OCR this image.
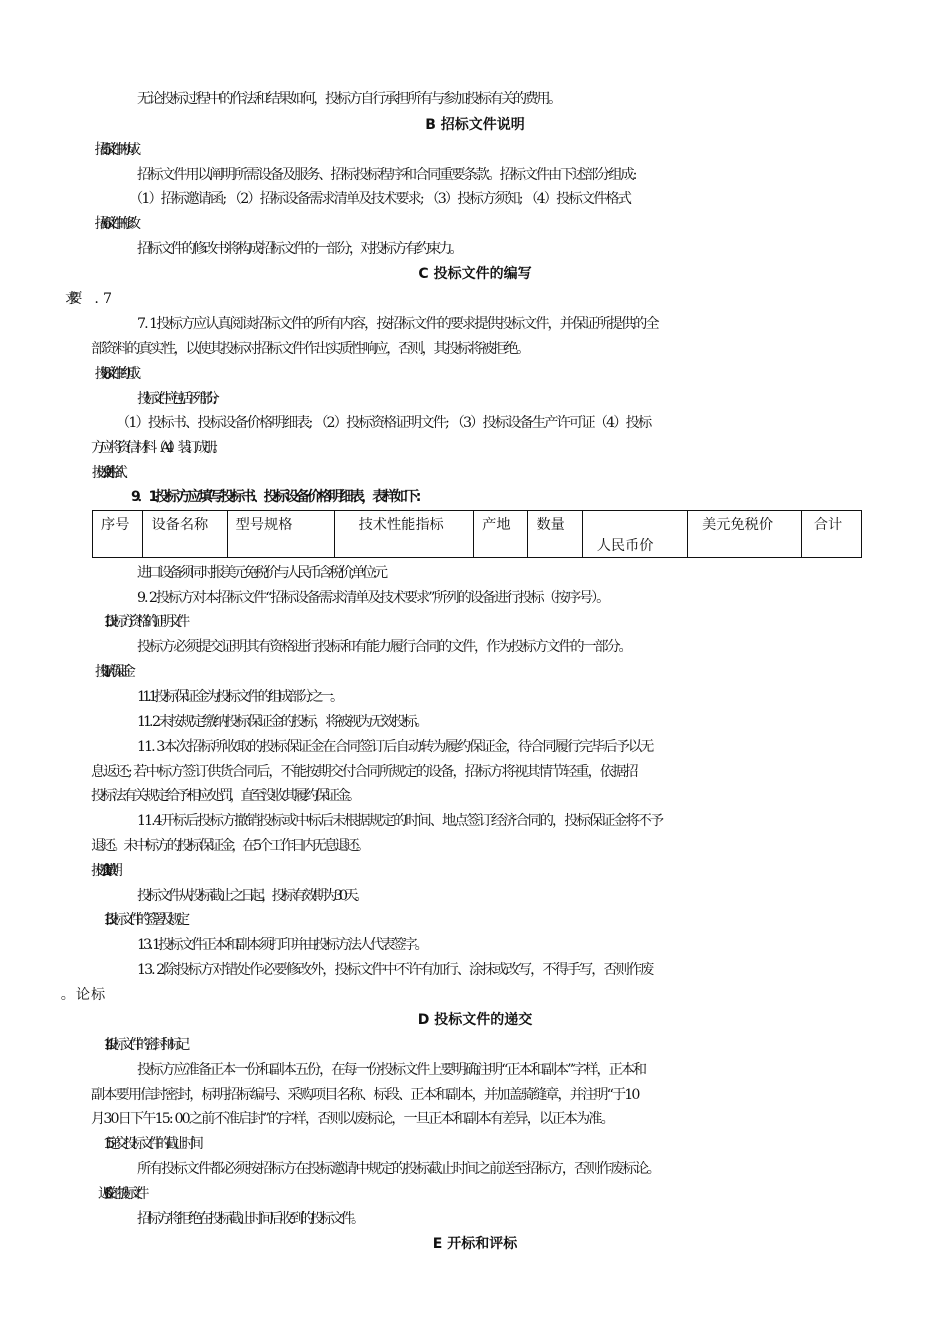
无论投标过程中的作法和结果如何，投标方自行承担所有与参加投标有关的费用。
B 招标文件说明
5. 招标文件的构成
招标文件用以阐明所需设备及服务、招标投标程序和合同重要条款。招标文件由下述部分组成:
（1）招标邀请函; （2）招标设备需求清单及技术要求; （3）投标方须知; （4）投标文件格式
6. 招标文件的修改
招标文件的修改书将构成招标文件的一部分，对投标方有约束力。
C 投标文件的编写
7. 1投标方应认真阅读招标文件的所有内容，按招标文件的要求提供投标文件，并保证所提供的全
部资料的真实性，以使其投标对招标文件作出实质性响应，否则，其投标将被拒绝。
8. 投标文件的组成
投标文件应包括下列部分:
（1）投标书、投标设备价格明细表; （2）投标资格证明文件; （3）投标设备生产许可证（4）投标
方应将资信材料（A4）装订成册。
9. 投标文件格式
9．1投标方应填写投标书、投标设备价格明细表，表样如下:
序号	设备名称	型号规格	技术性能指标	产地	数量	人民币价	美元免税价	合计
进口设备须同时报美元免税价与人民币含税价,单位:元
9. 2投标方对本招标文件“招标设备需求清单及技术要求”所列的设备进行投标（按序号）。
10. 投标方资格的证明文件
投标方必须提交证明其有资格进行投标和有能力履行合同的文件，作为投标方文件的一部分。
11. 投标方保证金
11. 1投标保证金为投标文件的组成部分之一。
11. 2未按规定缴纳投标保证金的投标，将被视为无效投标。
11. 3本次招标所收取的投标保证金在合同签订后自动转为履约保证金，待合同履行完毕后予以无
息返还; 若中标方签订供货合同后，不能按期交付合同所规定的设备，招标方将视其情节轻重，依据招
投标法有关规定给予相应处罚，直至没收其履约保证金。
11.4开标后投标方撤销投标或中标后未根据规定的时间、地点签订经济合同的，投标保证金将不予
退还。未中标方的投标保证金，在5个工作日内无息退还。
12. 投标有效期
投标文件从投标截止之日起，投标有效期为30天。
13. 投标文件的签署及规定
13. 1投标文件正本和副本须打印并由投标方法人代表签字。
13. 2除投标方对错处作必要修改外，投标文件中不许有加行、涂抹或改写，不得手写，否则作废
D 投标文件的递交
14. 投标文件的密封和标记
投标方应准备正本一份和副本五份，在每一份投标文件上要明确注明“正本和副本”字样，正本和
副本要用信封密封，标明招标编号、采购项目名称、标段、正本和副本，并加盖骑缝章，并注明“于10
月30日下午15: 00之前不准启封”的字样，否则以废标论，一旦正本和副本有差异，以正本为准。
15. 递交投标文件的截止时间
所有投标文件都必须按招标方在投标邀请中规定的投标截止时间之前送至招标方，否则作废标论。
16. 迟交的投标文件
招标方将拒绝在投标截止时间后收到的投标文件。
E 开标和评标
